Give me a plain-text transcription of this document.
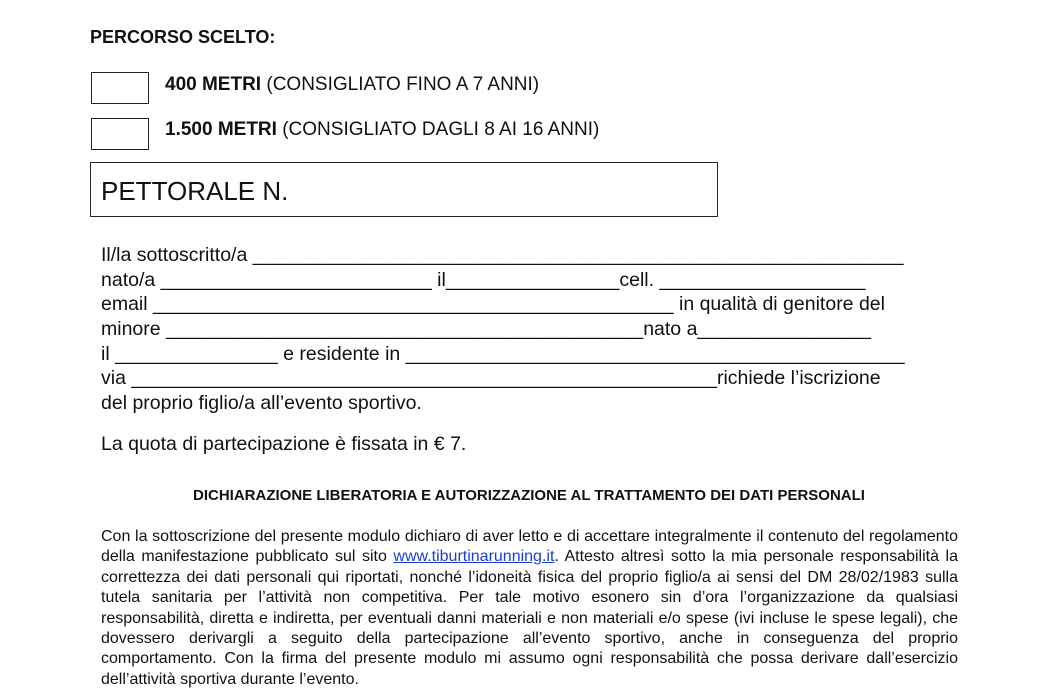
PERCORSO SCELTO:
400 METRI (CONSIGLIATO FINO A 7 ANNI)
1.500 METRI (CONSIGLIATO DAGLI 8 AI 16 ANNI)
PETTORALE N.
Il/la sottoscritto/a ____________________________________________________________
nato/a _________________________ il________________cell. ___________________
email ________________________________________________ in qualità di genitore del
minore ____________________________________________nato a________________
il _______________ e residente in ______________________________________________
via ______________________________________________________richiede l’iscrizione
del proprio figlio/a all’evento sportivo.
La quota di partecipazione è fissata in € 7.
DICHIARAZIONE LIBERATORIA E AUTORIZZAZIONE AL TRATTAMENTO DEI DATI PERSONALI
Con la sottoscrizione del presente modulo dichiaro di aver letto e di accettare integralmente il contenuto del regolamento della manifestazione pubblicato sul sito www.tiburtinarunning.it. Attesto altresì sotto la mia personale responsabilità la correttezza dei dati personali qui riportati, nonché l’idoneità fisica del proprio figlio/a ai sensi del DM 28/02/1983 sulla tutela sanitaria per l’attività non competitiva. Per tale motivo esonero sin d’ora l’organizzazione da qualsiasi responsabilità, diretta e indiretta, per eventuali danni materiali e non materiali e/o spese (ivi incluse le spese legali), che dovessero derivargli a seguito della partecipazione all’evento sportivo, anche in conseguenza del proprio comportamento. Con la firma del presente modulo mi assumo ogni responsabilità che possa derivare dall’esercizio dell’attività sportiva durante l’evento.
